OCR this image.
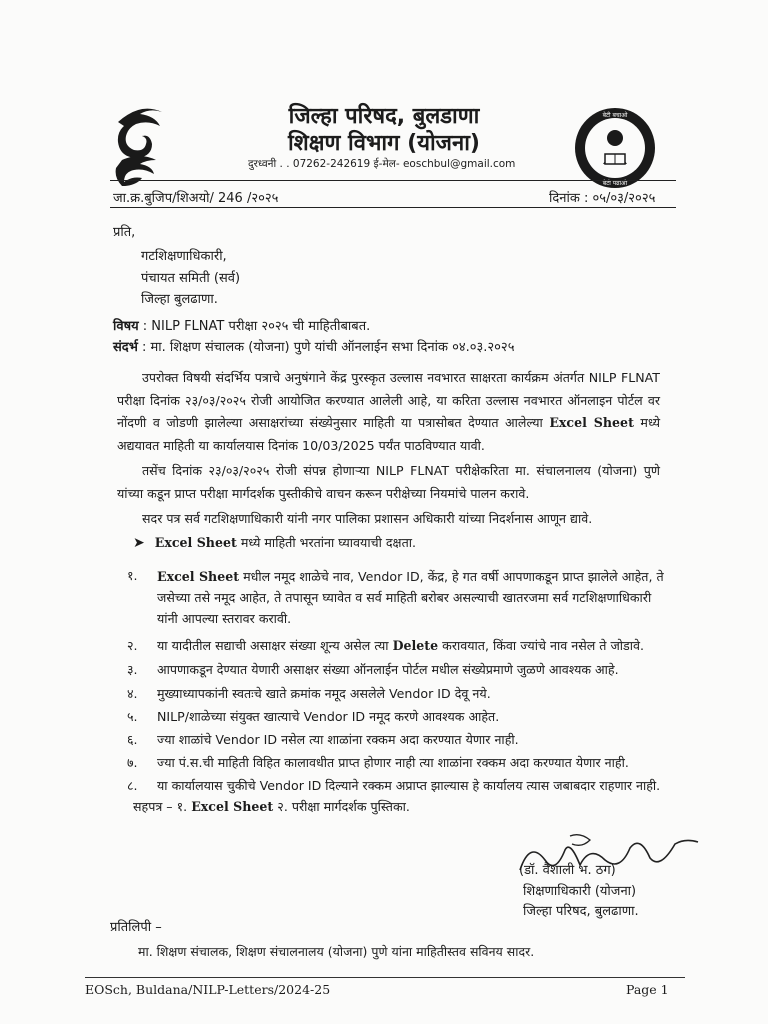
जिल्हा परिषद, बुलडाणा
शिक्षण विभाग (योजना)
दुरध्वनी . . 07262-242619 ई-मेल- eoschbul@gmail.com
बेटी बचाओ
बेटी पढाओ
जा.क्र.बुजिप/शिअयो/ 246 /२०२५	दिनांक : ०५/०३/२०२५
प्रति,
गटशिक्षणाधिकारी,
पंचायत समिती (सर्व)
जिल्हा बुलढाणा.
विषय : NILP FLNAT परीक्षा २०२५ ची माहितीबाबत.
संदर्भ : मा. शिक्षण संचालक (योजना) पुणे यांची ऑनलाईन सभा दिनांक ०४.०३.२०२५
उपरोक्त विषयी संदर्भिय पत्राचे अनुषंगाने केंद्र पुरस्कृत उल्लास नवभारत साक्षरता कार्यक्रम अंतर्गत NILP FLNAT परीक्षा दिनांक २३/०३/२०२५ रोजी आयोजित करण्यात आलेली आहे, या करिता उल्लास नवभारत ऑनलाइन पोर्टल वर नोंदणी व जोडणी झालेल्या असाक्षरांच्या संख्येनुसार माहिती या पत्रासोबत देण्यात आलेल्या Excel Sheet मध्ये अद्ययावत माहिती या कार्यालयास दिनांक 10/03/2025 पर्यंत पाठविण्यात यावी.
तसेंच दिनांक २३/०३/२०२५ रोजी संपन्न होणाऱ्या NILP FLNAT परीक्षेकरिता मा. संचालनालय (योजना) पुणे यांच्या कडून प्राप्त परीक्षा मार्गदर्शक पुस्तीकीचे वाचन करून परीक्षेच्या नियमांचे पालन करावे.
सदर पत्र सर्व गटशिक्षणाधिकारी यांनी नगर पालिका प्रशासन अधिकारी यांच्या निदर्शनास आणून द्यावे.
➤ Excel Sheet मध्ये माहिती भरतांना घ्यावयाची दक्षता.
१.	Excel Sheet मधील नमूद शाळेचे नाव, Vendor ID, केंद्र, हे गत वर्षी आपणाकडून प्राप्त झालेले आहेत, ते जसेच्या तसे नमूद आहेत, ते तपासून घ्यावेत व सर्व माहिती बरोबर असल्याची खातरजमा सर्व गटशिक्षणाधिकारी यांनी आपल्या स्तरावर करावी.
२. या यादीतील सद्याची असाक्षर संख्या शून्य असेल त्या Delete करावयात, किंवा ज्यांचे नाव नसेल ते जोडावे.
३. आपणाकडून देण्यात येणारी असाक्षर संख्या ऑनलाईन पोर्टल मधील संख्येप्रमाणे जुळणे आवश्यक आहे.
४. मुख्याध्यापकांनी स्वतःचे खाते क्रमांक नमूद असलेले Vendor ID देवू नये.
५. NILP/शाळेच्या संयुक्त खात्याचे Vendor ID नमूद करणे आवश्यक आहेत.
६. ज्या शाळांचे Vendor ID नसेल त्या शाळांना रक्कम अदा करण्यात येणार नाही.
७. ज्या पं.स.ची माहिती विहित कालावधीत प्राप्त होणार नाही त्या शाळांना रक्कम अदा करण्यात येणार नाही.
८. या कार्यालयास चुकीचे Vendor ID दिल्याने रक्कम अप्राप्त झाल्यास हे कार्यालय त्यास जबाबदार राहणार नाही.
सहपत्र – १. Excel Sheet २. परीक्षा मार्गदर्शक पुस्तिका.
(डॉ. वैशाली भ. ठग)
शिक्षणाधिकारी (योजना)
जिल्हा परिषद, बुलढाणा.
प्रतिलिपी –
मा. शिक्षण संचालक, शिक्षण संचालनालय (योजना) पुणे यांना माहितीस्तव सविनय सादर.
EOSch, Buldana/NILP-Letters/2024-25	Page 1
